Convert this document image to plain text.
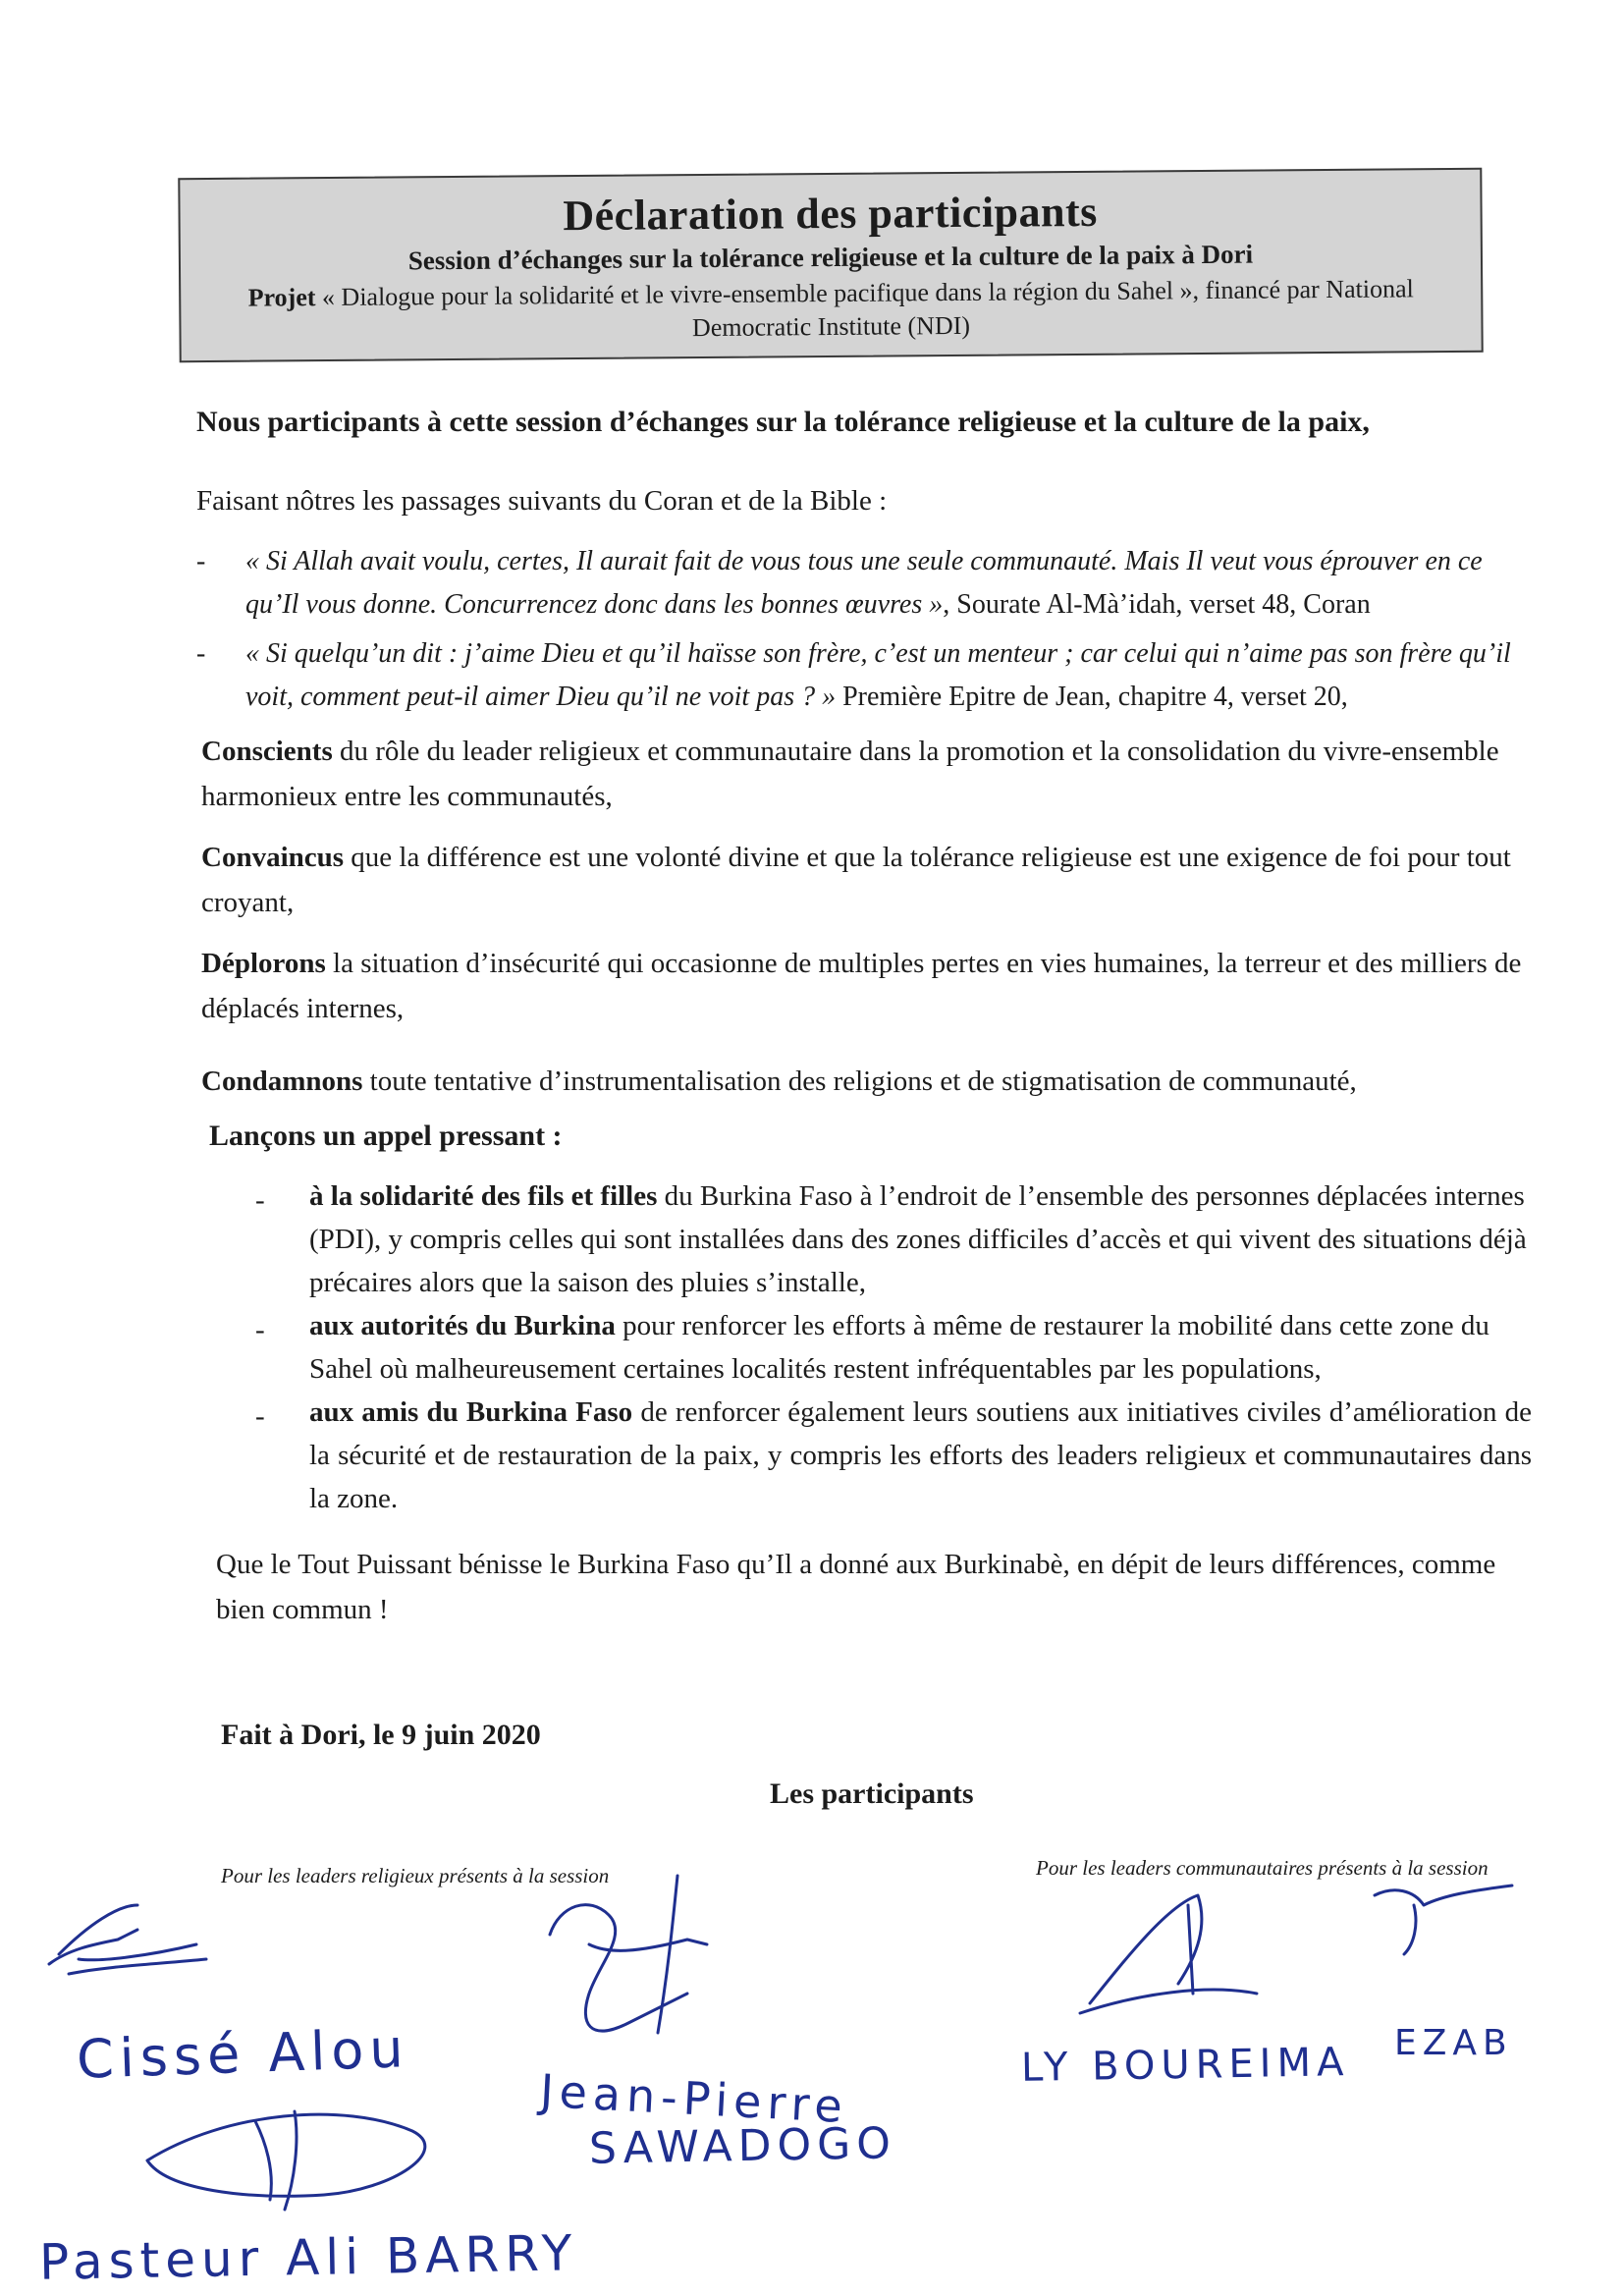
Déclaration des participants
Session d’échanges sur la tolérance religieuse et la culture de la paix à Dori
Projet « Dialogue pour la solidarité et le vivre-ensemble pacifique dans la région du Sahel », financé par National Democratic Institute (NDI)
Nous participants à cette session d’échanges sur la tolérance religieuse et la culture de la paix,
Faisant nôtres les passages suivants du Coran et de la Bible :
- « Si Allah avait voulu, certes, Il aurait fait de vous tous une seule communauté. Mais Il veut vous éprouver en ce qu’Il vous donne. Concurrencez donc dans les bonnes œuvres », Sourate Al-Mà’idah, verset 48, Coran
- « Si quelqu’un dit : j’aime Dieu et qu’il haïsse son frère, c’est un menteur ; car celui qui n’aime pas son frère qu’il voit, comment peut-il aimer Dieu qu’il ne voit pas ? » Première Epitre de Jean, chapitre 4, verset 20,
Conscients du rôle du leader religieux et communautaire dans la promotion et la consolidation du vivre-ensemble harmonieux entre les communautés,
Convaincus que la différence est une volonté divine et que la tolérance religieuse est une exigence de foi pour tout croyant,
Déplorons la situation d’insécurité qui occasionne de multiples pertes en vies humaines, la terreur et des milliers de déplacés internes,
Condamnons toute tentative d’instrumentalisation des religions et de stigmatisation de communauté,
Lançons un appel pressant :
- à la solidarité des fils et filles du Burkina Faso à l’endroit de l’ensemble des personnes déplacées internes (PDI), y compris celles qui sont installées dans des zones difficiles d’accès et qui vivent des situations déjà précaires alors que la saison des pluies s’installe,
- aux autorités du Burkina pour renforcer les efforts à même de restaurer la mobilité dans cette zone du Sahel où malheureusement certaines localités restent infréquentables par les populations,
- aux amis du Burkina Faso de renforcer également leurs soutiens aux initiatives civiles d’amélioration de la sécurité et de restauration de la paix, y compris les efforts des leaders religieux et communautaires dans la zone.
Que le Tout Puissant bénisse le Burkina Faso qu’Il a donné aux Burkinabè, en dépit de leurs différences, comme bien commun !
Fait à Dori, le 9 juin 2020
Les participants
Pour les leaders religieux présents à la session	Pour les leaders communautaires présents à la session
Cissé Alou
Jean-Pierre
SAWADOGO
Pasteur Ali BARRY
LY BOUREIMA EZAB
